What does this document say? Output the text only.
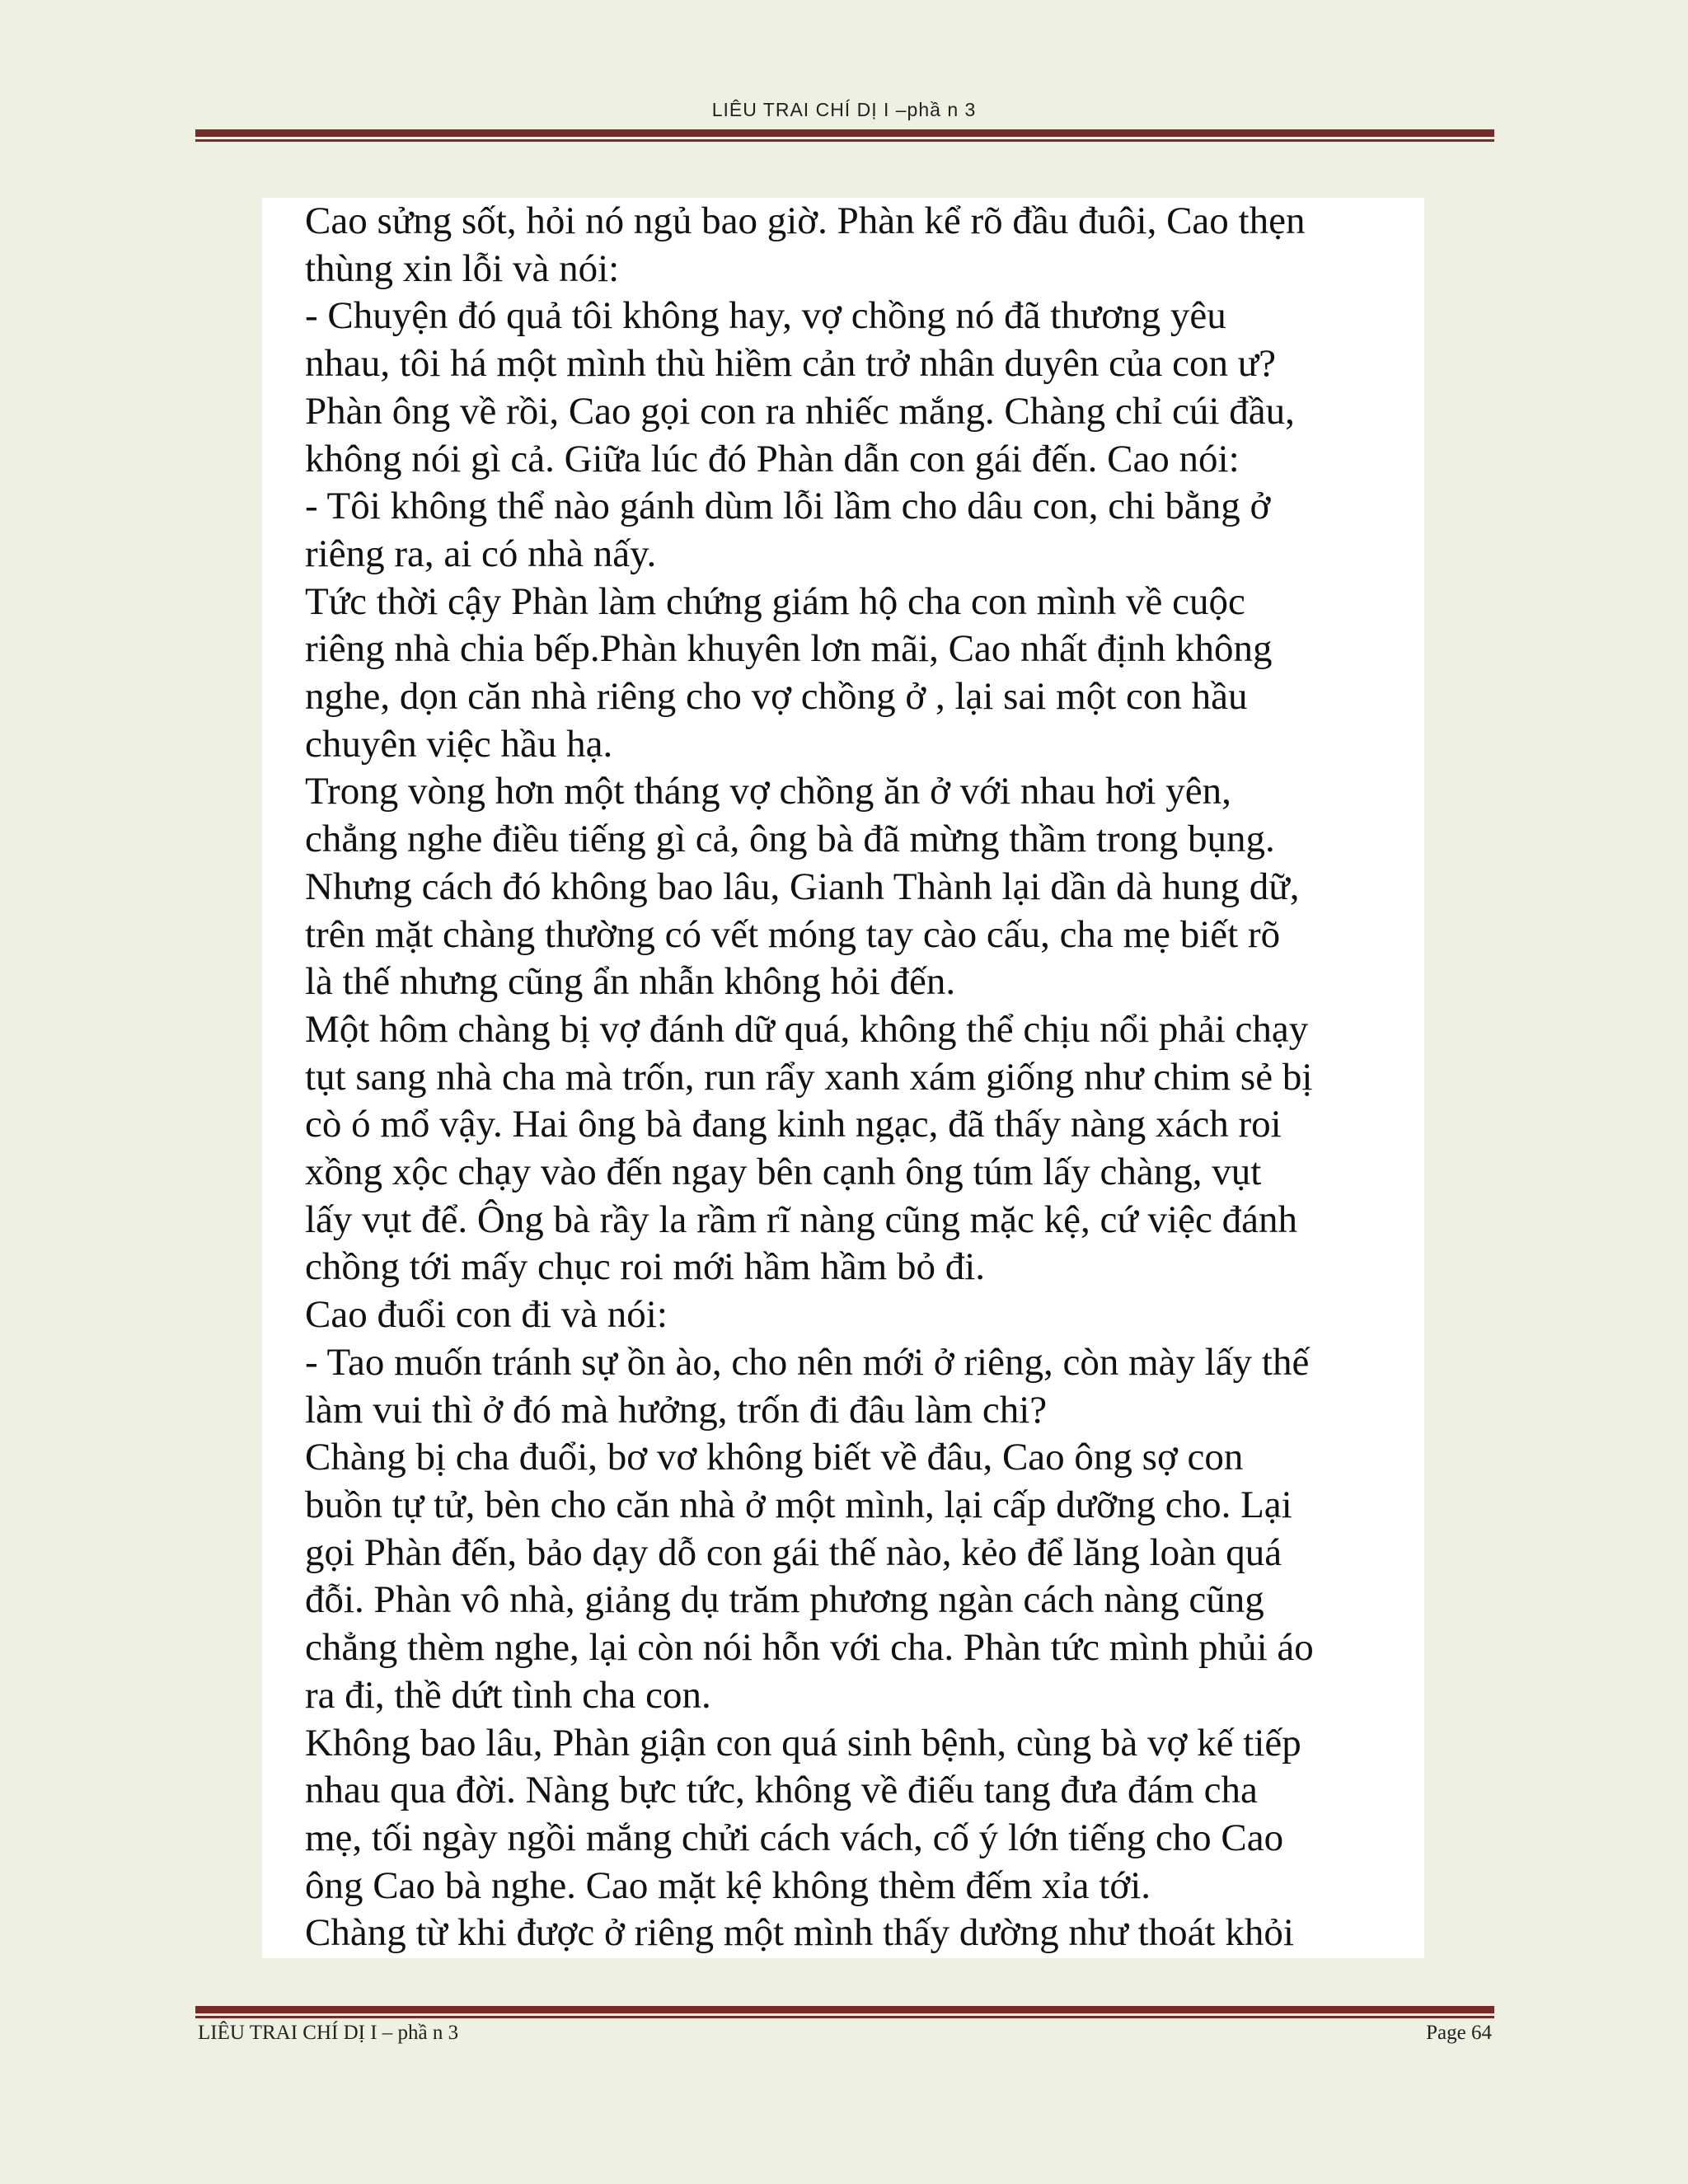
LIÊU TRAI CHÍ DỊ I –phầ n 3
Cao sửng sốt, hỏi nó ngủ bao giờ. Phàn kể rõ đầu đuôi, Cao thẹn
thùng xin lỗi và nói:
- Chuyện đó quả tôi không hay, vợ chồng nó đã thương yêu
nhau, tôi há một mình thù hiềm cản trở nhân duyên của con ư?
Phàn ông về rồi, Cao gọi con ra nhiếc mắng. Chàng chỉ cúi đầu,
không nói gì cả. Giữa lúc đó Phàn dẫn con gái đến. Cao nói:
- Tôi không thể nào gánh dùm lỗi lầm cho dâu con, chi bằng ở
riêng ra, ai có nhà nấy.
Tức thời cậy Phàn làm chứng giám hộ cha con mình về cuộc
riêng nhà chia bếp.Phàn khuyên lơn mãi, Cao nhất định không
nghe, dọn căn nhà riêng cho vợ chồng ở , lại sai một con hầu
chuyên việc hầu hạ.
Trong vòng hơn một tháng vợ chồng ăn ở với nhau hơi yên,
chẳng nghe điều tiếng gì cả, ông bà đã mừng thầm trong bụng.
Nhưng cách đó không bao lâu, Gianh Thành lại dần dà hung dữ,
trên mặt chàng thường có vết móng tay cào cấu, cha mẹ biết rõ
là thế nhưng cũng ẩn nhẫn không hỏi đến.
Một hôm chàng bị vợ đánh dữ quá, không thể chịu nổi phải chạy
tụt sang nhà cha mà trốn, run rẩy xanh xám giống như chim sẻ bị
cò ó mổ vậy. Hai ông bà đang kinh ngạc, đã thấy nàng xách roi
xồng xộc chạy vào đến ngay bên cạnh ông túm lấy chàng, vụt
lấy vụt để. Ông bà rầy la rầm rĩ nàng cũng mặc kệ, cứ việc đánh
chồng tới mấy chục roi mới hầm hầm bỏ đi.
Cao đuổi con đi và nói:
- Tao muốn tránh sự ồn ào, cho nên mới ở riêng, còn mày lấy thế
làm vui thì ở đó mà hưởng, trốn đi đâu làm chi?
Chàng bị cha đuổi, bơ vơ không biết về đâu, Cao ông sợ con
buồn tự tử, bèn cho căn nhà ở một mình, lại cấp dưỡng cho. Lại
gọi Phàn đến, bảo dạy dỗ con gái thế nào, kẻo để lăng loàn quá
đỗi. Phàn vô nhà, giảng dụ trăm phương ngàn cách nàng cũng
chẳng thèm nghe, lại còn nói hỗn với cha. Phàn tức mình phủi áo
ra đi, thề dứt tình cha con.
Không bao lâu, Phàn giận con quá sinh bệnh, cùng bà vợ kế tiếp
nhau qua đời. Nàng bực tức, không về điếu tang đưa đám cha
mẹ, tối ngày ngồi mắng chửi cách vách, cố ý lớn tiếng cho Cao
ông Cao bà nghe. Cao mặt kệ không thèm đếm xỉa tới.
Chàng từ khi được ở riêng một mình thấy dường như thoát khỏi
LIÊU TRAI CHÍ DỊ I – phầ n 3	Page 64
